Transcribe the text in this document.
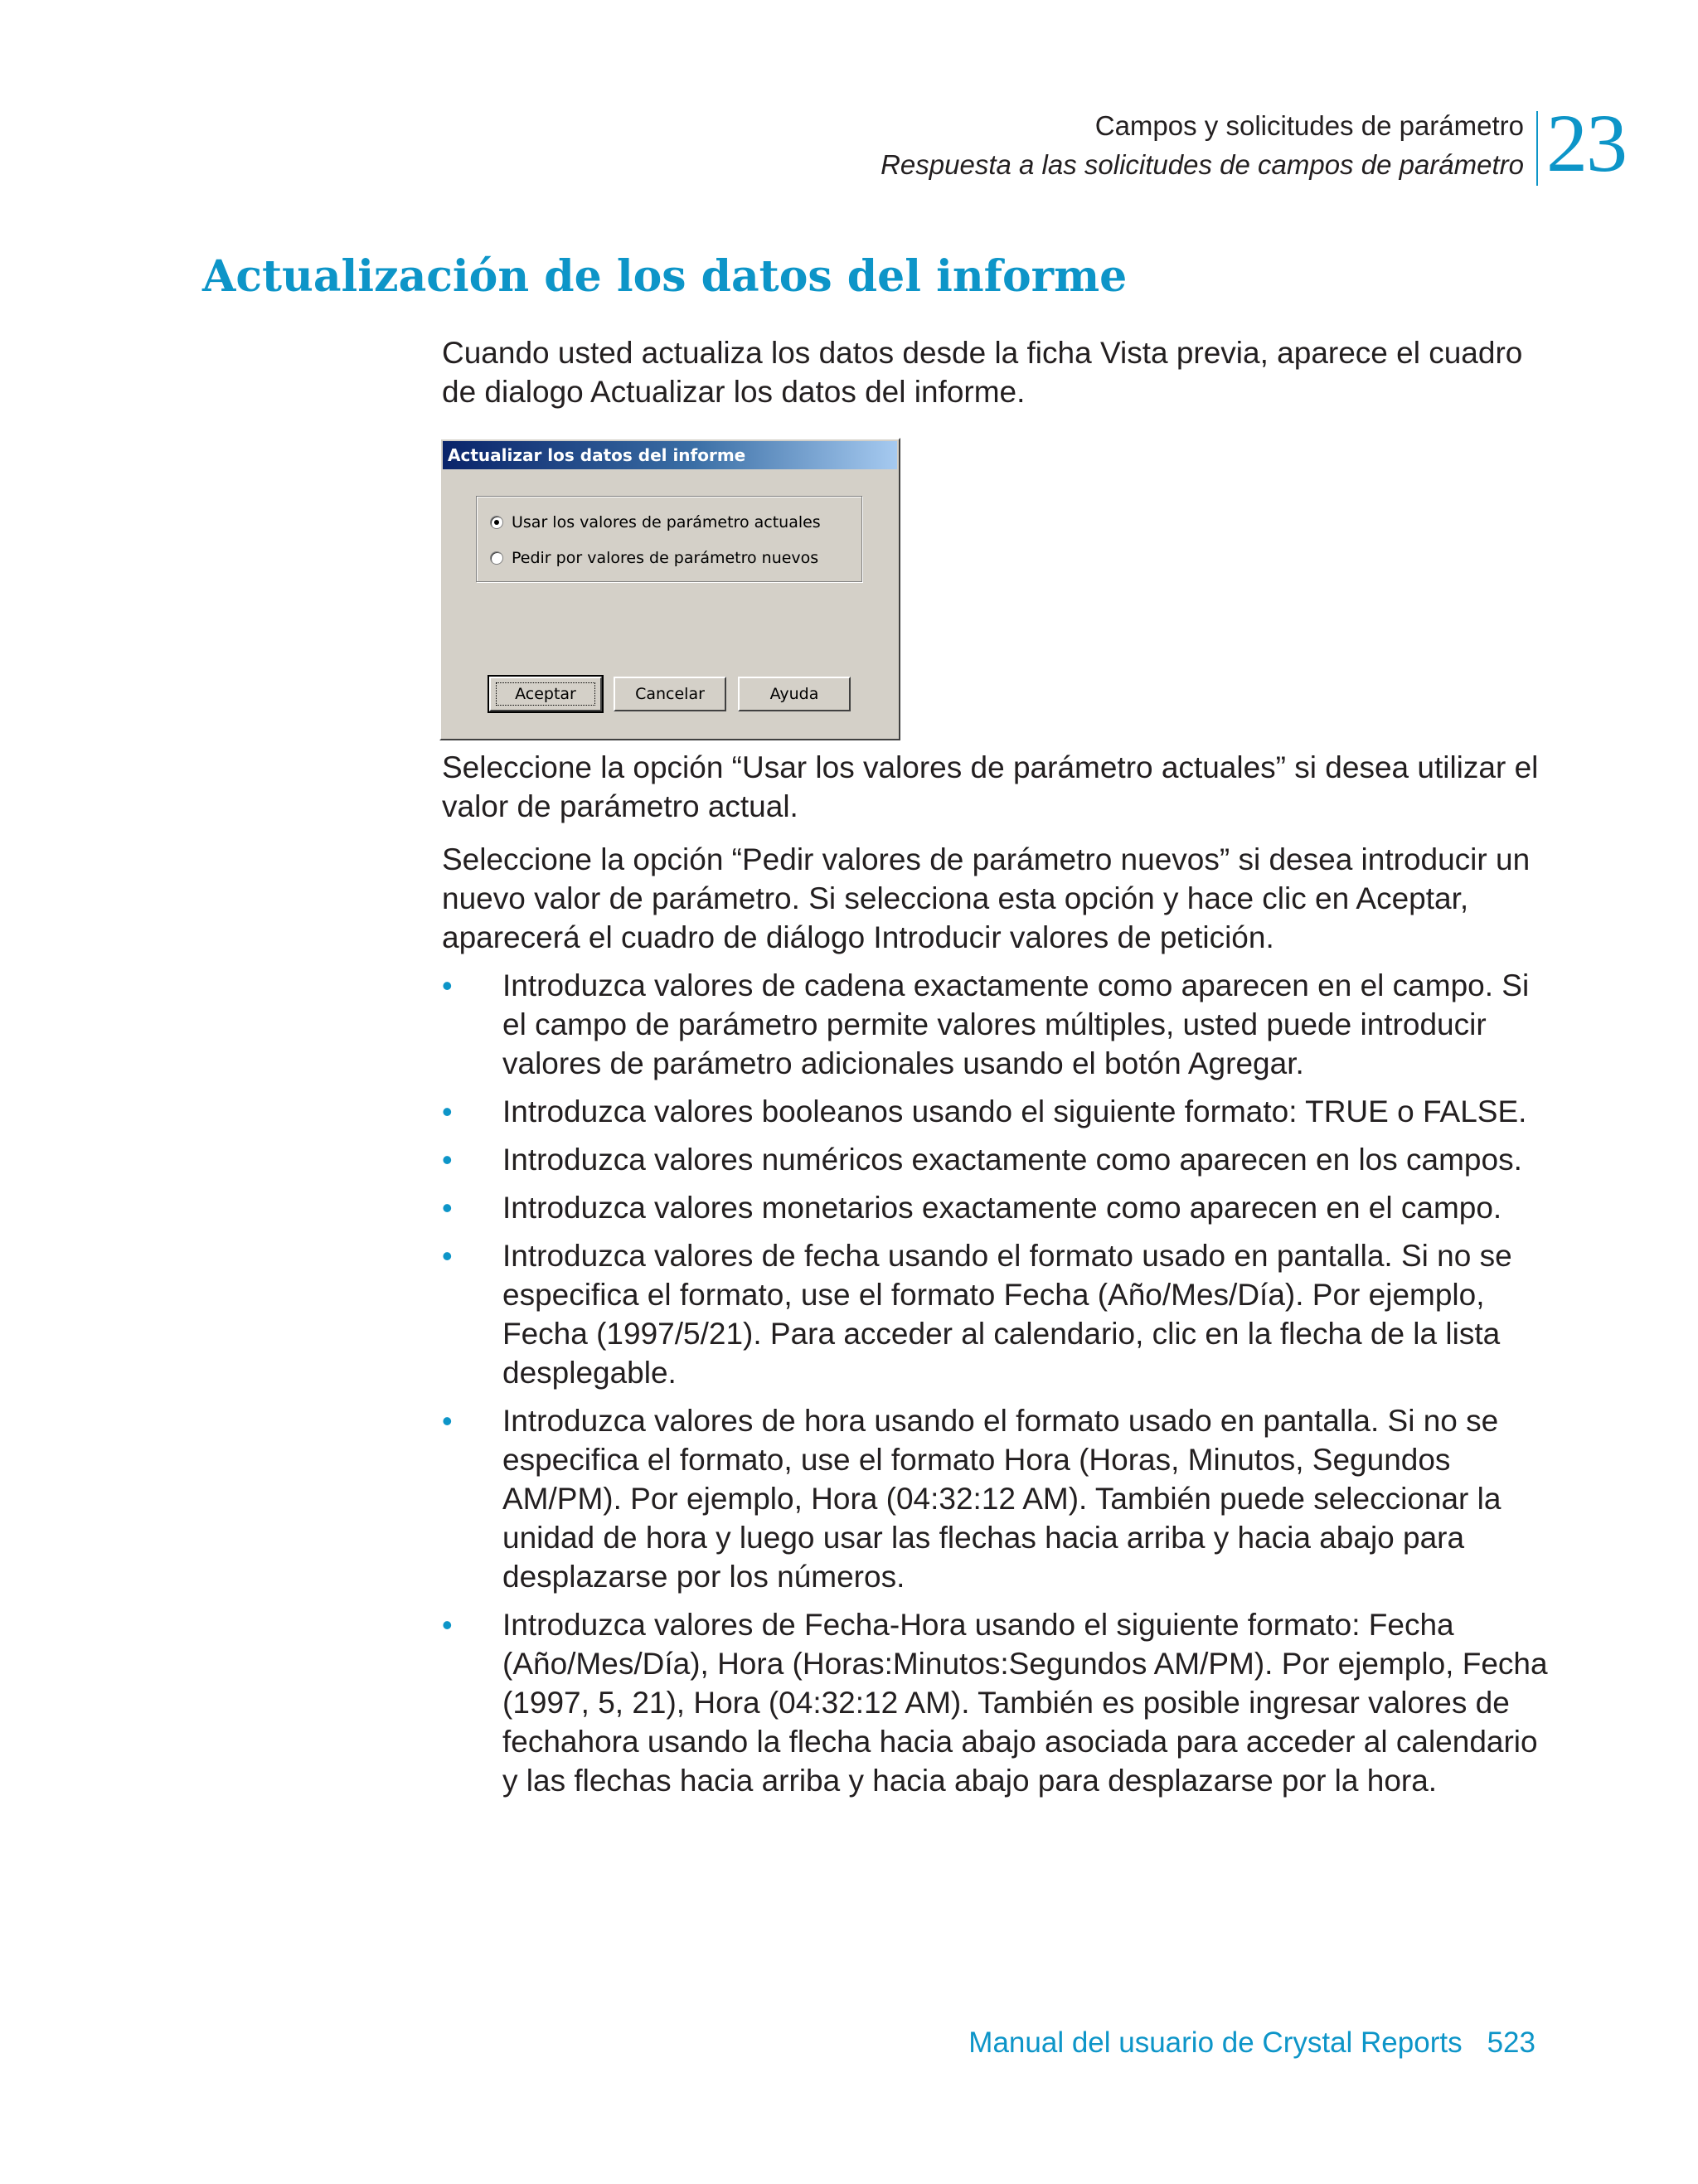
Campos y solicitudes de parámetro
Respuesta a las solicitudes de campos de parámetro 23
Actualización de los datos del informe

Cuando usted actualiza los datos desde la ficha Vista previa, aparece el cuadro de dialogo Actualizar los datos del informe.

Actualizar los datos del informe
Usar los valores de parámetro actuales
Pedir por valores de parámetro nuevos
Aceptar	Cancelar	Ayuda

Seleccione la opción “Usar los valores de parámetro actuales” si desea utilizar el valor de parámetro actual.

Seleccione la opción “Pedir valores de parámetro nuevos” si desea introducir un nuevo valor de parámetro. Si selecciona esta opción y hace clic en Aceptar, aparecerá el cuadro de diálogo Introducir valores de petición.

• Introduzca valores de cadena exactamente como aparecen en el campo. Si el campo de parámetro permite valores múltiples, usted puede introducir valores de parámetro adicionales usando el botón Agregar.
• Introduzca valores booleanos usando el siguiente formato: TRUE o FALSE.
• Introduzca valores numéricos exactamente como aparecen en los campos.
• Introduzca valores monetarios exactamente como aparecen en el campo.
• Introduzca valores de fecha usando el formato usado en pantalla. Si no se especifica el formato, use el formato Fecha (Año/Mes/Día). Por ejemplo, Fecha (1997/5/21). Para acceder al calendario, clic en la flecha de la lista desplegable.
• Introduzca valores de hora usando el formato usado en pantalla. Si no se especifica el formato, use el formato Hora (Horas, Minutos, Segundos AM/PM). Por ejemplo, Hora (04:32:12 AM). También puede seleccionar la unidad de hora y luego usar las flechas hacia arriba y hacia abajo para desplazarse por los números.
• Introduzca valores de Fecha-Hora usando el siguiente formato: Fecha (Año/Mes/Día), Hora (Horas:Minutos:Segundos AM/PM). Por ejemplo, Fecha (1997, 5, 21), Hora (04:32:12 AM). También es posible ingresar valores de fechahora usando la flecha hacia abajo asociada para acceder al calendario y las flechas hacia arriba y hacia abajo para desplazarse por la hora.
Manual del usuario de Crystal Reports 523
